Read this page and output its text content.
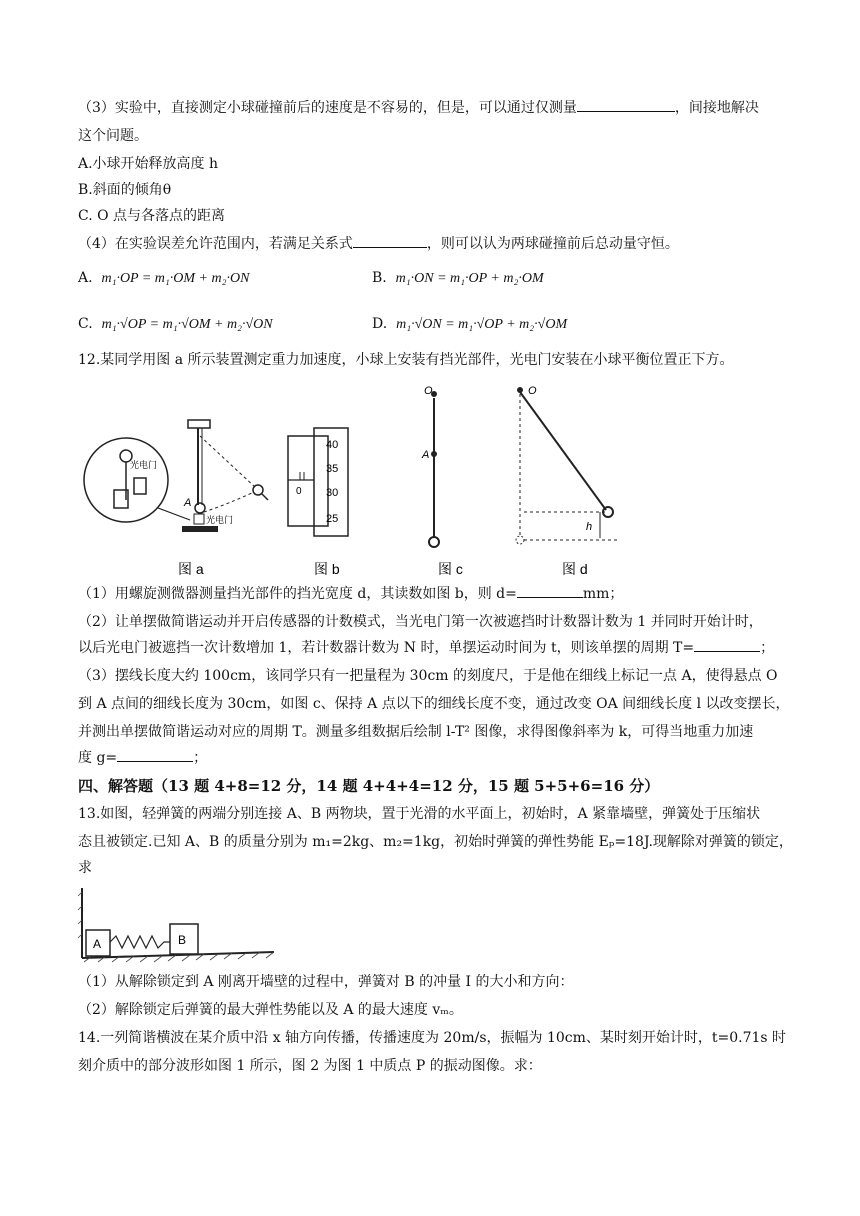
（3）实验中，直接测定小球碰撞前后的速度是不容易的，但是，可以通过仅测量	，间接地解决
这个问题。
A.小球开始释放高度 h
B.斜面的倾角θ
C. O 点与各落点的距离
（4）在实验误差允许范围内，若满足关系式	，则可以认为两球碰撞前后总动量守恒。
A. m₁·OP = m₁·OM + m₂·ON	B. m₁·ON = m₁·OP + m₂·OM
C. m₁·√OP = m₁·√OM + m₂·√ON	D. m₁·√ON = m₁·√OP + m₂·√OM
12.某同学用图 a 所示装置测定重力加速度，小球上安装有挡光部件，光电门安装在小球平衡位置正下方。
光电门
A
光电门
图 a
0
40
35
30
25
图 b
O
A
图 c
O
h
图 d
（1）用螺旋测微器测量挡光部件的挡光宽度 d，其读数如图 b，则 d=	mm；
（2）让单摆做简谐运动并开启传感器的计数模式，当光电门第一次被遮挡时计数器计数为 1 并同时开始计时，
以后光电门被遮挡一次计数增加 1，若计数器计数为 N 时，单摆运动时间为 t，则该单摆的周期 T=	；
（3）摆线长度大约 100cm，该同学只有一把量程为 30cm 的刻度尺，于是他在细线上标记一点 A，使得悬点 O
到 A 点间的细线长度为 30cm，如图 c、保持 A 点以下的细线长度不变，通过改变 OA 间细线长度 l 以改变摆长，
并测出单摆做简谐运动对应的周期 T。测量多组数据后绘制 l-T² 图像，求得图像斜率为 k，可得当地重力加速
度 g=	；
四、解答题（13 题 4+8=12 分，14 题 4+4+4=12 分，15 题 5+5+6=16 分）
13.如图，轻弹簧的两端分别连接 A、B 两物块，置于光滑的水平面上，初始时，A 紧靠墙壁，弹簧处于压缩状
态且被锁定.已知 A、B 的质量分别为 m₁=2kg、m₂=1kg，初始时弹簧的弹性势能 Eₚ=18J.现解除对弹簧的锁定，
求
A	B
（1）从解除锁定到 A 刚离开墙壁的过程中，弹簧对 B 的冲量 I 的大小和方向：
（2）解除锁定后弹簧的最大弹性势能以及 A 的最大速度 vₘ。
14.一列简谐横波在某介质中沿 x 轴方向传播，传播速度为 20m/s，振幅为 10cm、某时刻开始计时，t=0.71s 时
刻介质中的部分波形如图 1 所示，图 2 为图 1 中质点 P 的振动图像。求：
